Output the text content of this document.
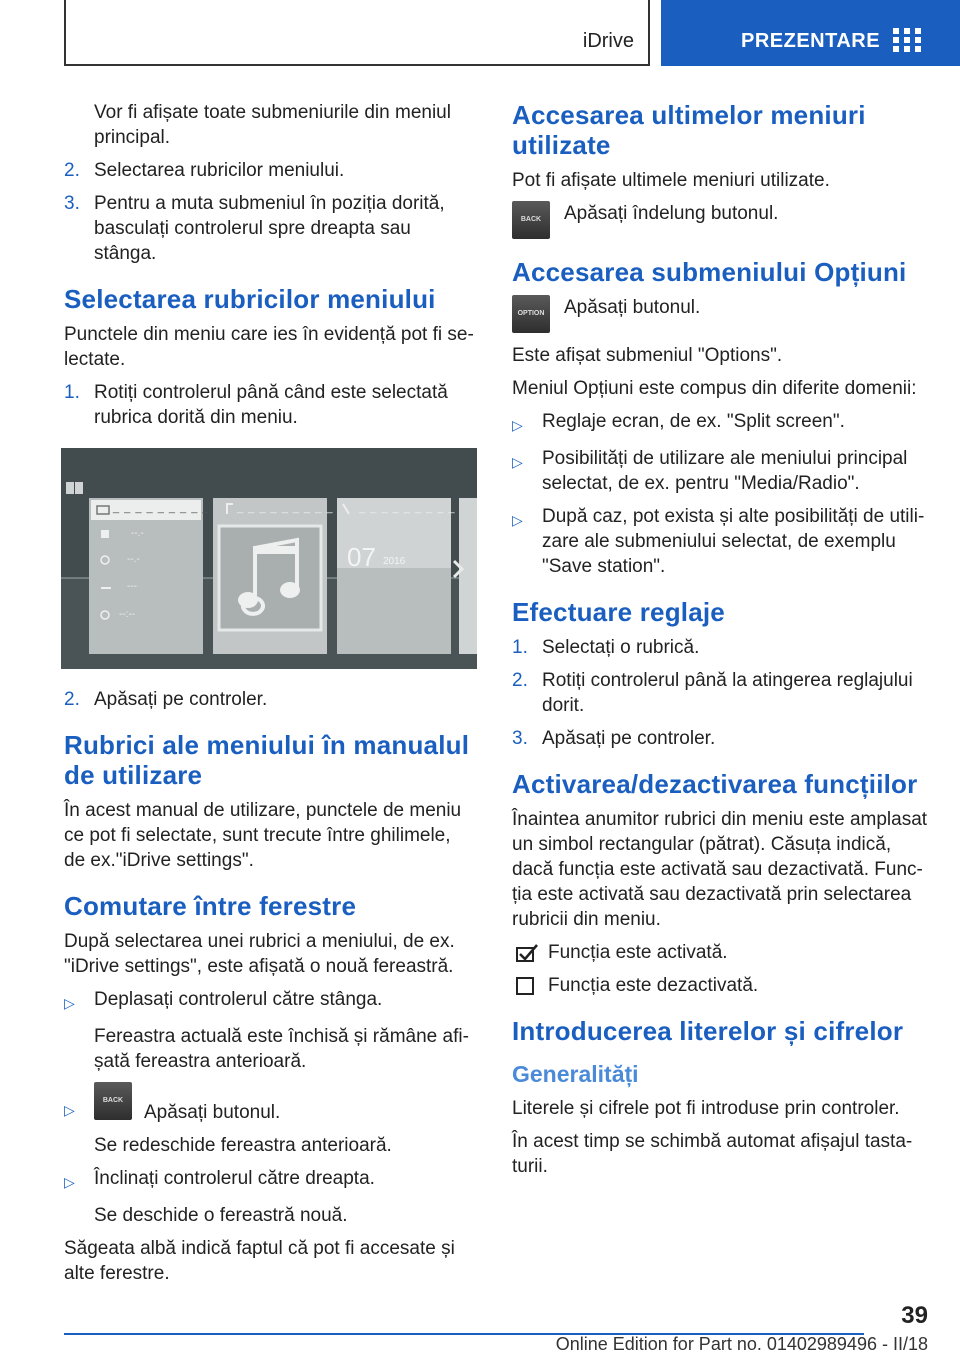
iDrive	PREZENTARE

Vor fi afișate toate submeniurile din meniul principal.

2. Selectarea rubricilor meniului.
3. Pentru a muta submeniul în poziția dorită, basculați controlerul spre dreapta sau stânga.
Selectarea rubricilor meniului

Punctele din meniu care ies în evidență pot fi selectate.

1. Rotiți controlerul până când este selectată rubrica dorită din meniu.
_ _ _ _ _ _ _ _ _ _ _ _ _ _ _ _ _ _ _ _ _ _ _ _ _ _ _
--.-
--.-
---
--:--
07 2016
2. Apăsați pe controler.
Rubrici ale meniului în manualul de utilizare

În acest manual de utilizare, punctele de meniu ce pot fi selectate, sunt trecute între ghilimele, de ex."iDrive settings".

Comutare între ferestre

După selectarea unei rubrici a meniului, de ex. "iDrive settings", este afișată o nouă fereastră.

▷	Deplasați controlerul către stânga.

Fereastra actuală este închisă și rămâne afișată fereastra anterioară.

▷
BACK
Apăsați butonul.

Se redeschide fereastra anterioară.

▷	Înclinați controlerul către dreapta.

Se deschide o fereastră nouă.

Săgeata albă indică faptul că pot fi accesate și alte ferestre.

Accesarea ultimelor meniuri utilizate

Pot fi afișate ultimele meniuri utilizate.

BACK	Apăsați îndelung butonul.
Accesarea submeniului Opțiuni
OPTION Apăsați butonul.

Este afișat submeniul "Options".

Meniul Opțiuni este compus din diferite domenii:

▷	Reglaje ecran, de ex. "Split screen".
▷	Posibilități de utilizare ale meniului principal selectat, de ex. pentru "Media/Radio".
▷	După caz, pot exista și alte posibilități de utilizare ale submeniului selectat, de exemplu "Save station".
Efectuare reglaje
1. Selectați o rubrică.
2. Rotiți controlerul până la atingerea reglajului dorit.
3. Apăsați pe controler.
Activarea/dezactivarea funcțiilor

Înaintea anumitor rubrici din meniu este amplasat un simbol rectangular (pătrat). Căsuța indică, dacă funcția este activată sau dezactivată. Funcția este activată sau dezactivată prin selectarea rubricii din meniu.

Funcția este activată.
Funcția este dezactivată.
Introducerea literelor și cifrelor
Generalități

Literele și cifrele pot fi introduse prin controler.

În acest timp se schimbă automat afișajul tastaturii.

39
Online Edition for Part no. 01402989496 - II/18
